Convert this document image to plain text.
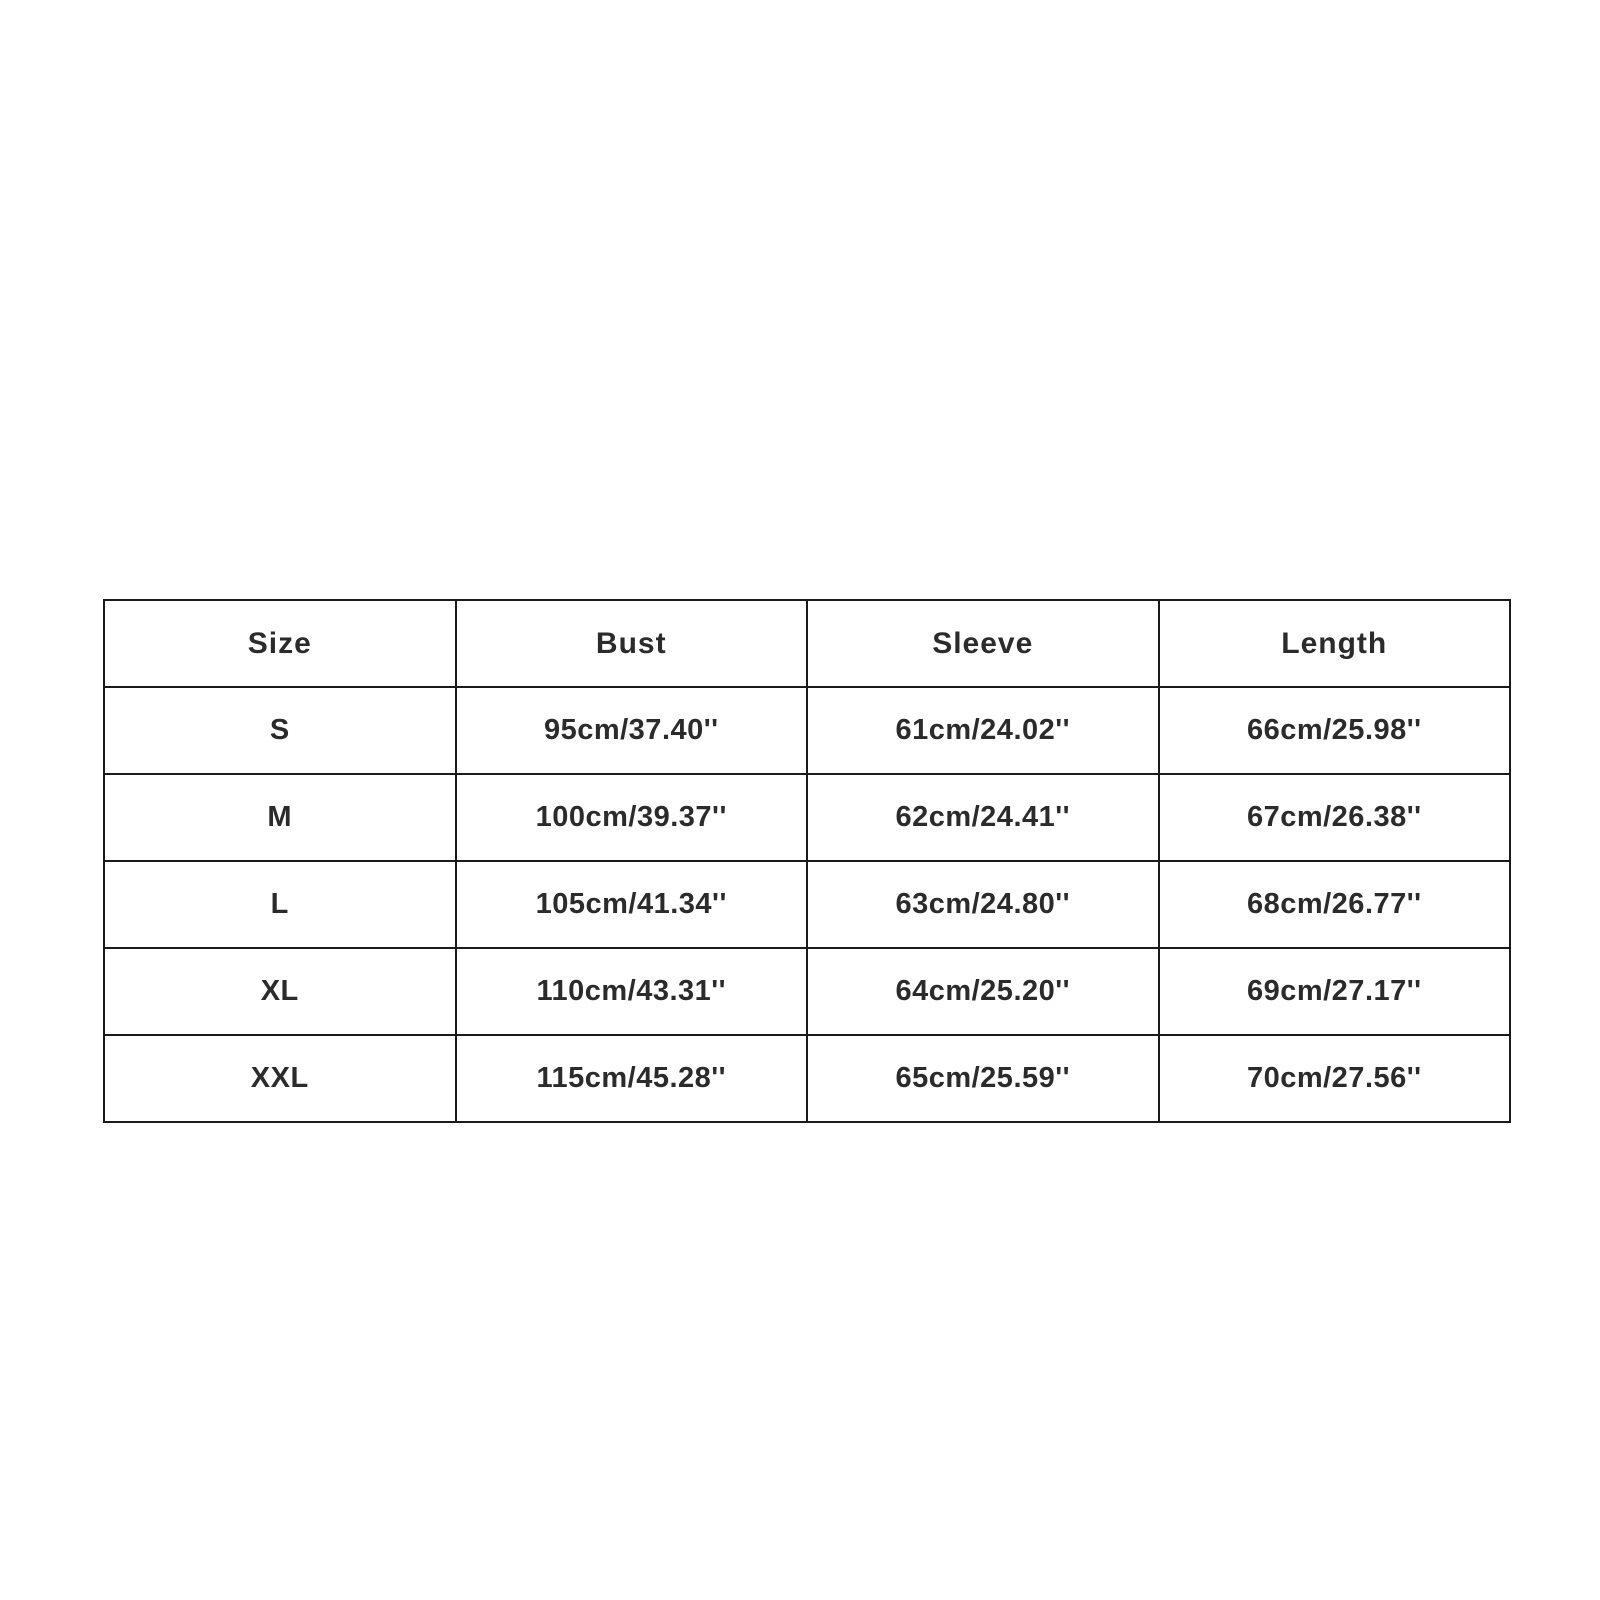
Size	Bust	Sleeve	Length
S	95cm/37.40''	61cm/24.02''	66cm/25.98''
M	100cm/39.37''	62cm/24.41''	67cm/26.38''
L	105cm/41.34''	63cm/24.80''	68cm/26.77''
XL	110cm/43.31''	64cm/25.20''	69cm/27.17''
XXL	115cm/45.28''	65cm/25.59''	70cm/27.56''
